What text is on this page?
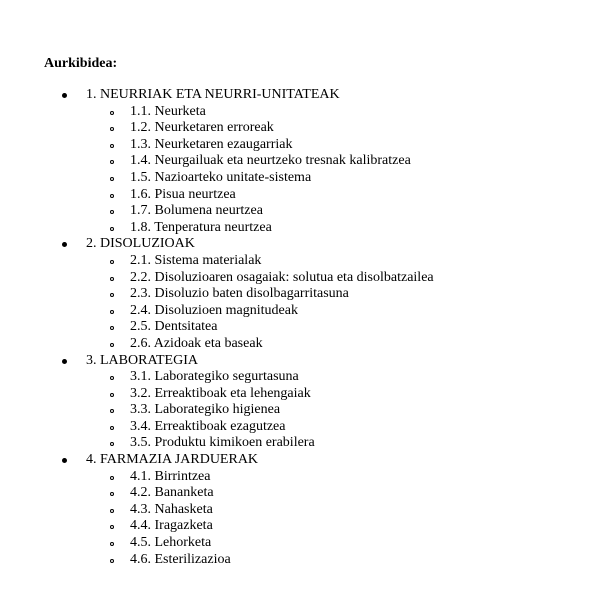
Aurkibidea:
1. NEURRIAK ETA NEURRI-UNITATEAK
1.1. Neurketa
1.2. Neurketaren erroreak
1.3. Neurketaren ezaugarriak
1.4. Neurgailuak eta neurtzeko tresnak kalibratzea
1.5. Nazioarteko unitate-sistema
1.6. Pisua neurtzea
1.7. Bolumena neurtzea
1.8. Tenperatura neurtzea
2. DISOLUZIOAK
2.1. Sistema materialak
2.2. Disoluzioaren osagaiak: solutua eta disolbatzailea
2.3. Disoluzio baten disolbagarritasuna
2.4. Disoluzioen magnitudeak
2.5. Dentsitatea
2.6. Azidoak eta baseak
3. LABORATEGIA
3.1. Laborategiko segurtasuna
3.2. Erreaktiboak eta lehengaiak
3.3. Laborategiko higienea
3.4. Erreaktiboak ezagutzea
3.5. Produktu kimikoen erabilera
4. FARMAZIA JARDUERAK
4.1. Birrintzea
4.2. Bananketa
4.3. Nahasketa
4.4. Iragazketa
4.5. Lehorketa
4.6. Esterilizazioa
